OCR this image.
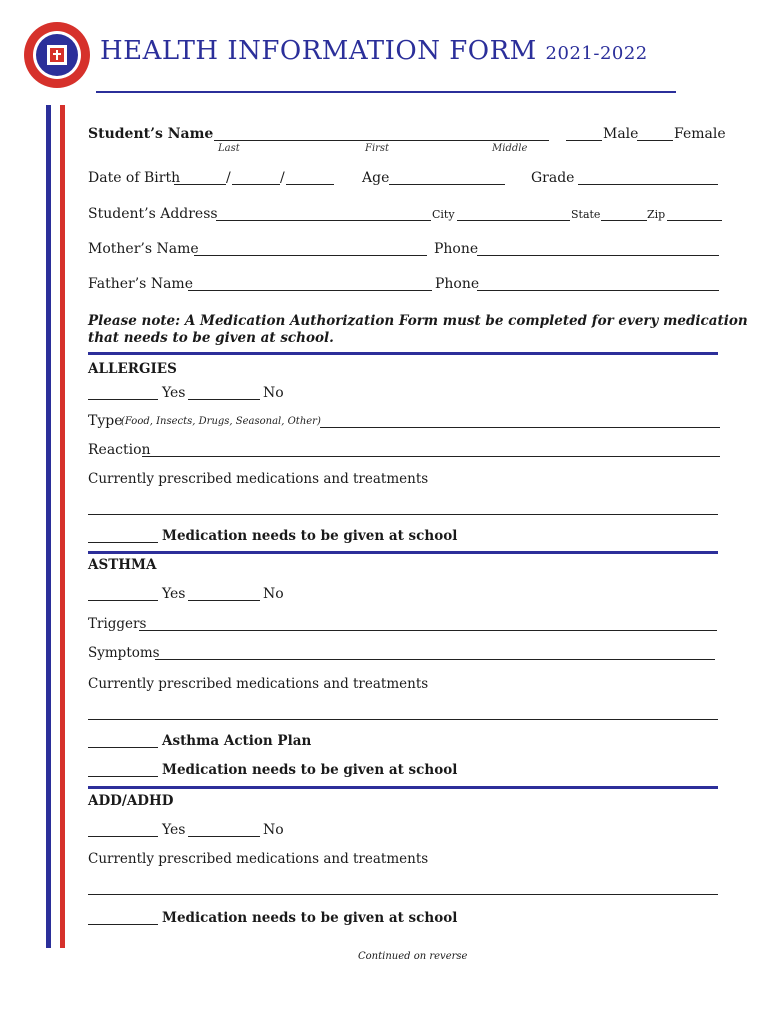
HEALTH INFORMATION FORM 2021-2022
Student’s Name
Last	First	Middle
Male	Female
Date of Birth	/	/	Age	Grade
Student’s Address	City	State	Zip
Mother’s Name	Phone
Father’s Name	Phone
Please note: A Medication Authorization Form must be completed for every medication
that needs to be given at school.
ALLERGIES
Yes	No
Type
(Food, Insects, Drugs, Seasonal, Other)
Reaction
Currently prescribed medications and treatments
Medication needs to be given at school
ASTHMA
Yes	No
Triggers
Symptoms
Currently prescribed medications and treatments
Asthma Action Plan
Medication needs to be given at school
ADD/ADHD
Yes	No
Currently prescribed medications and treatments
Medication needs to be given at school
Continued on reverse
